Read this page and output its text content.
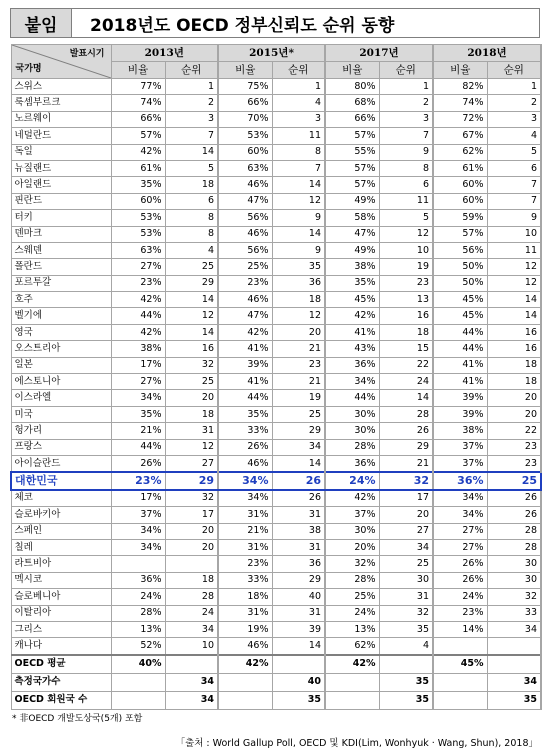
붙임	2018년도 OECD 정부신뢰도 순위 동향
발표시기
국가명	2013년		2015년*		2017년		2018년	
	비율	순위	비율	순위	비율	순위	비율	순위
스위스	77%	1	75%	1	80%	1	82%	1
룩셈부르크	74%	2	66%	4	68%	2	74%	2
노르웨이	66%	3	70%	3	66%	3	72%	3
네덜란드	57%	7	53%	11	57%	7	67%	4
독일	42%	14	60%	8	55%	9	62%	5
뉴질랜드	61%	5	63%	7	57%	8	61%	6
아일랜드	35%	18	46%	14	57%	6	60%	7
핀란드	60%	6	47%	12	49%	11	60%	7
터키	53%	8	56%	9	58%	5	59%	9
덴마크	53%	8	46%	14	47%	12	57%	10
스웨덴	63%	4	56%	9	49%	10	56%	11
폴란드	27%	25	25%	35	38%	19	50%	12
포르투갈	23%	29	23%	36	35%	23	50%	12
호주	42%	14	46%	18	45%	13	45%	14
벨기에	44%	12	47%	12	42%	16	45%	14
영국	42%	14	42%	20	41%	18	44%	16
오스트리아	38%	16	41%	21	43%	15	44%	16
일본	17%	32	39%	23	36%	22	41%	18
에스토니아	27%	25	41%	21	34%	24	41%	18
이스라엘	34%	20	44%	19	44%	14	39%	20
미국	35%	18	35%	25	30%	28	39%	20
헝가리	21%	31	33%	29	30%	26	38%	22
프랑스	44%	12	26%	34	28%	29	37%	23
아이슬란드	26%	27	46%	14	36%	21	37%	23
대한민국	23%	29	34%	26	24%	32	36%	25
체코	17%	32	34%	26	42%	17	34%	26
슬로바키아	37%	17	31%	31	37%	20	34%	26
스페인	34%	20	21%	38	30%	27	27%	28
칠레	34%	20	31%	31	20%	34	27%	28
라트비아			23%	36	32%	25	26%	30
멕시코	36%	18	33%	29	28%	30	26%	30
슬로베니아	24%	28	18%	40	25%	31	24%	32
이탈리아	28%	24	31%	31	24%	32	23%	33
그리스	13%	34	19%	39	13%	35	14%	34
캐나다	52%	10	46%	14	62%	4		
OECD 평균	40%		42%		42%		45%	
측정국가수		34		40		35		34
OECD 회원국 수		34		35		35		35
* 非OECD 개발도상국(5개) 포함
「출처 : World Gallup Poll, OECD 및 KDI(Lim, Wonhyuk · Wang, Shun), 2018」
